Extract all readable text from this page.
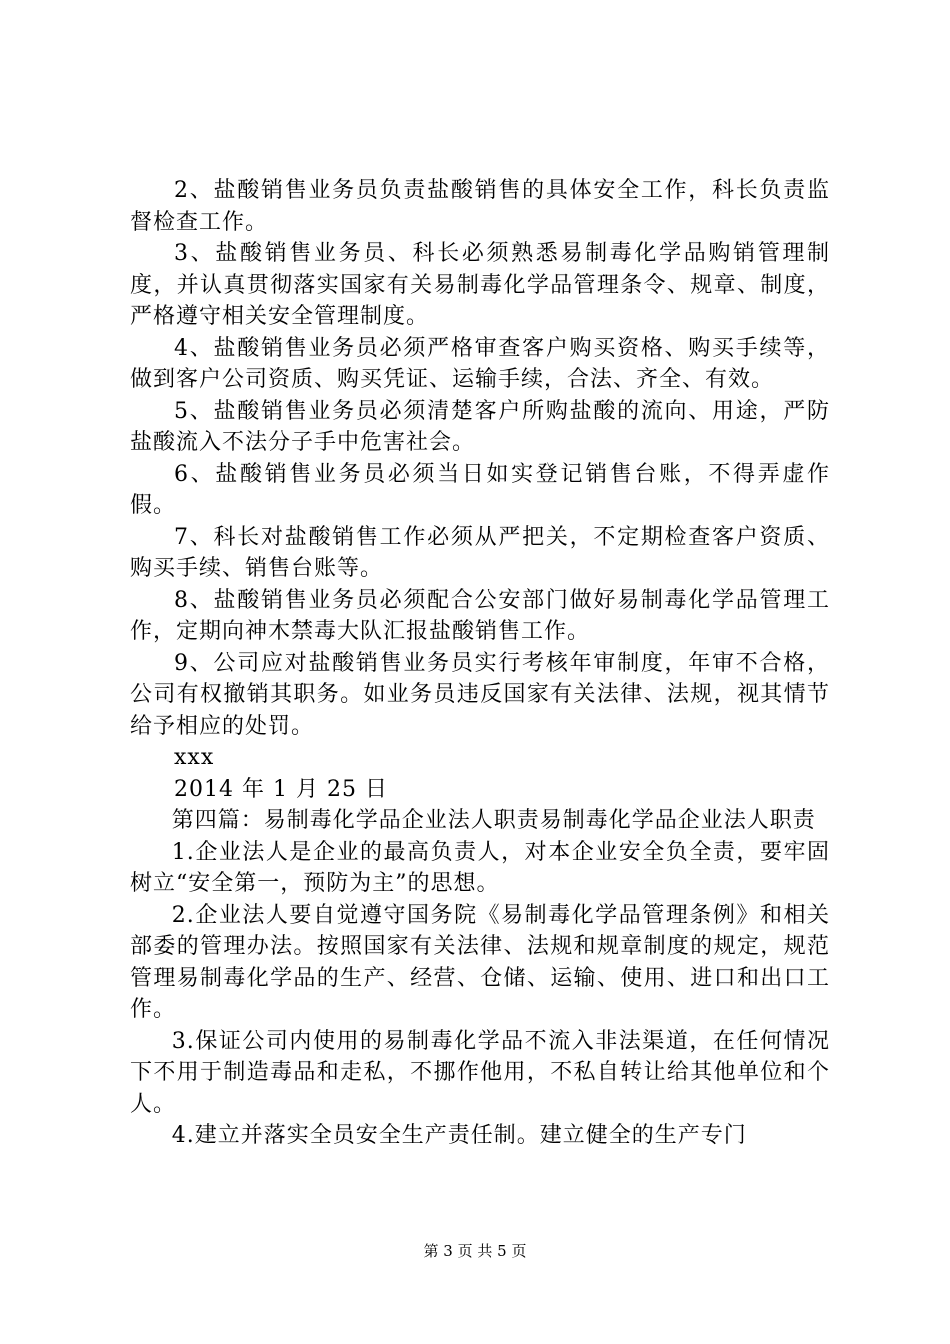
2、盐酸销售业务员负责盐酸销售的具体安全工作，科长负责监督检查工作。

3、盐酸销售业务员、科长必须熟悉易制毒化学品购销管理制度，并认真贯彻落实国家有关易制毒化学品管理条令、规章、制度，严格遵守相关安全管理制度。

4、盐酸销售业务员必须严格审查客户购买资格、购买手续等，做到客户公司资质、购买凭证、运输手续，合法、齐全、有效。

5、盐酸销售业务员必须清楚客户所购盐酸的流向、用途，严防盐酸流入不法分子手中危害社会。

6、盐酸销售业务员必须当日如实登记销售台账，不得弄虚作假。

7、科长对盐酸销售工作必须从严把关，不定期检查客户资质、购买手续、销售台账等。

8、盐酸销售业务员必须配合公安部门做好易制毒化学品管理工作，定期向神木禁毒大队汇报盐酸销售工作。

9、公司应对盐酸销售业务员实行考核年审制度，年审不合格，公司有权撤销其职务。如业务员违反国家有关法律、法规，视其情节给予相应的处罚。

xxx

2014 年 1 月 25 日

第四篇：易制毒化学品企业法人职责易制毒化学品企业法人职责

1.企业法人是企业的最高负责人，对本企业安全负全责，要牢固树立“安全第一，预防为主”的思想。

2.企业法人要自觉遵守国务院《易制毒化学品管理条例》和相关部委的管理办法。按照国家有关法律、法规和规章制度的规定，规范管理易制毒化学品的生产、经营、仓储、运输、使用、进口和出口工作。

3.保证公司内使用的易制毒化学品不流入非法渠道，在任何情况下不用于制造毒品和走私，不挪作他用，不私自转让给其他单位和个人。

4.建立并落实全员安全生产责任制。建立健全的生产专门

第 3 页 共 5 页
